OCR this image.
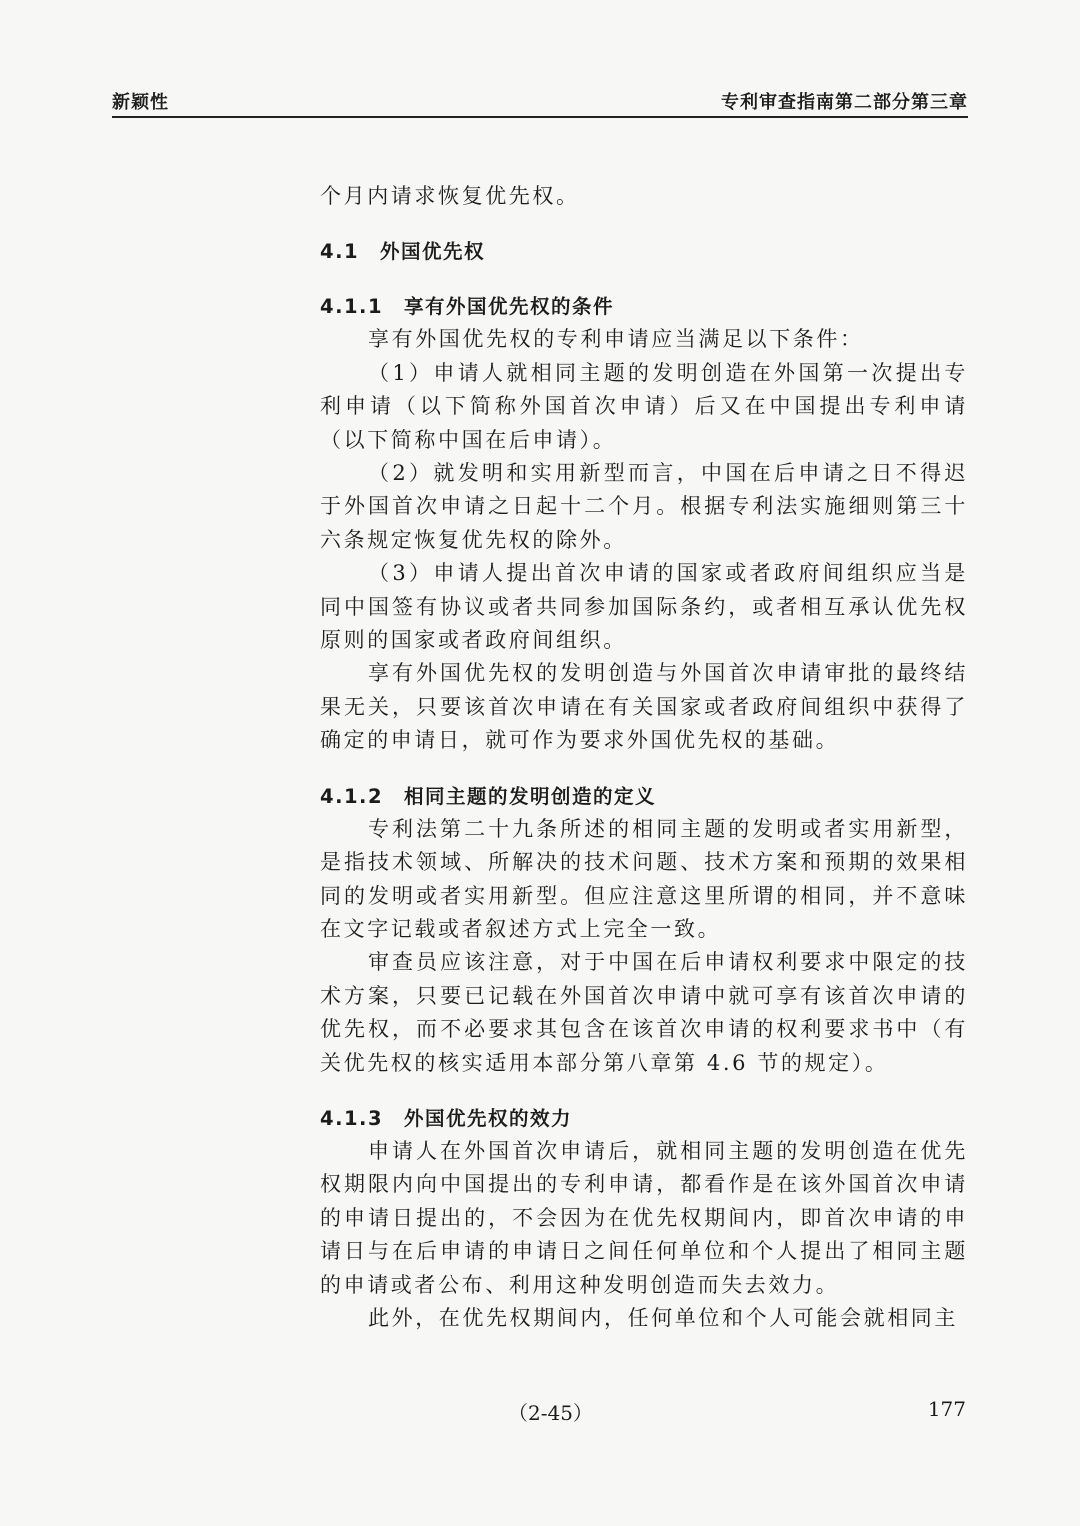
新颖性	专利审查指南第二部分第三章

个月内请求恢复优先权。

4.1 外国优先权
4.1.1 享有外国优先权的条件

享有外国优先权的专利申请应当满足以下条件：

（1）申请人就相同主题的发明创造在外国第一次提出专利申请（以下简称外国首次申请）后又在中国提出专利申请（以下简称中国在后申请）。

（2）就发明和实用新型而言，中国在后申请之日不得迟于外国首次申请之日起十二个月。根据专利法实施细则第三十六条规定恢复优先权的除外。

（3）申请人提出首次申请的国家或者政府间组织应当是同中国签有协议或者共同参加国际条约，或者相互承认优先权原则的国家或者政府间组织。

享有外国优先权的发明创造与外国首次申请审批的最终结果无关，只要该首次申请在有关国家或者政府间组织中获得了确定的申请日，就可作为要求外国优先权的基础。

4.1.2 相同主题的发明创造的定义

专利法第二十九条所述的相同主题的发明或者实用新型，是指技术领域、所解决的技术问题、技术方案和预期的效果相同的发明或者实用新型。但应注意这里所谓的相同，并不意味在文字记载或者叙述方式上完全一致。

审查员应该注意，对于中国在后申请权利要求中限定的技术方案，只要已记载在外国首次申请中就可享有该首次申请的优先权，而不必要求其包含在该首次申请的权利要求书中（有关优先权的核实适用本部分第八章第 4.6 节的规定）。

4.1.3 外国优先权的效力

申请人在外国首次申请后，就相同主题的发明创造在优先权期限内向中国提出的专利申请，都看作是在该外国首次申请的申请日提出的，不会因为在优先权期间内，即首次申请的申请日与在后申请的申请日之间任何单位和个人提出了相同主题的申请或者公布、利用这种发明创造而失去效力。

此外，在优先权期间内，任何单位和个人可能会就相同主

（2-45）	177
